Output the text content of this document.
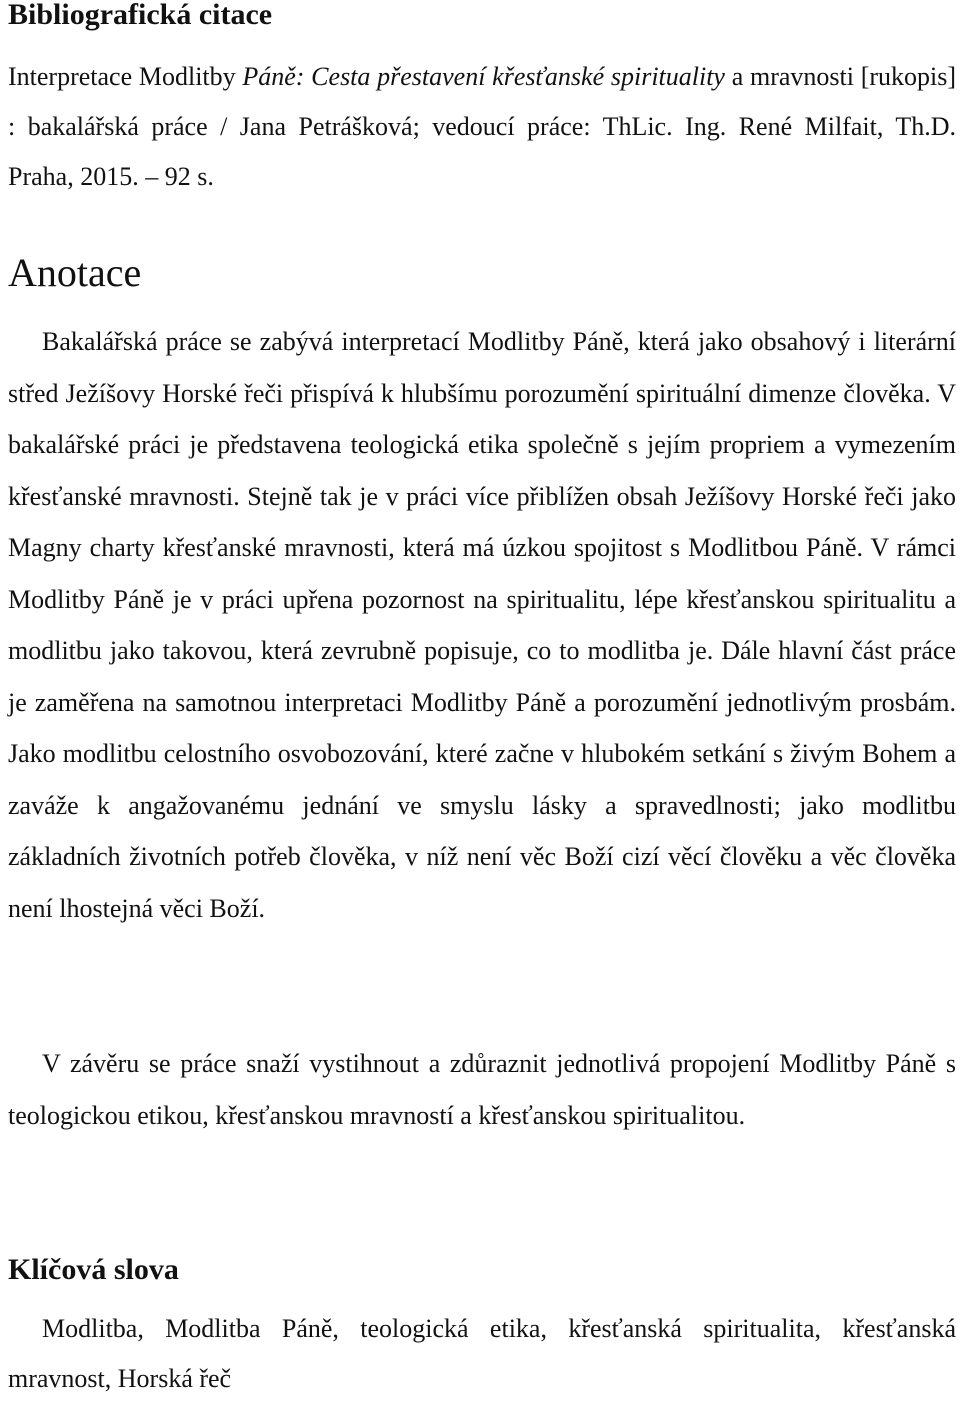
Bibliografická citace

Interpretace Modlitby Páně: Cesta přestavení křesťanské spirituality a mravnosti [rukopis] : bakalářská práce / Jana Petrášková; vedoucí práce: ThLic. Ing. René Milfait, Th.D. Praha, 2015. – 92 s.

Anotace

Bakalářská práce se zabývá interpretací Modlitby Páně, která jako obsahový i literární střed Ježíšovy Horské řeči přispívá k hlubšímu porozumění spirituální dimenze člověka. V bakalářské práci je představena teologická etika společně s jejím propriem a vymezením křesťanské mravnosti. Stejně tak je v práci více přiblížen obsah Ježíšovy Horské řeči jako Magny charty křesťanské mravnosti, která má úzkou spojitost s Modlitbou Páně. V rámci Modlitby Páně je v práci upřena pozornost na spiritualitu, lépe křesťanskou spiritualitu a modlitbu jako takovou, která zevrubně popisuje, co to modlitba je. Dále hlavní část práce je zaměřena na samotnou interpretaci Modlitby Páně a porozumění jednotlivým prosbám. Jako modlitbu celostního osvobozování, které začne v hlubokém setkání s živým Bohem a zaváže k angažovanému jednání ve smyslu lásky a spravedlnosti; jako modlitbu základních životních potřeb člověka, v níž není věc Boží cizí věcí člověku a věc člověka není lhostejná věci Boží.

V závěru se práce snaží vystihnout a zdůraznit jednotlivá propojení Modlitby Páně s teologickou etikou, křesťanskou mravností a křesťanskou spiritualitou.

Klíčová slova

Modlitba, Modlitba Páně, teologická etika, křesťanská spiritualita, křesťanská mravnost, Horská řeč
